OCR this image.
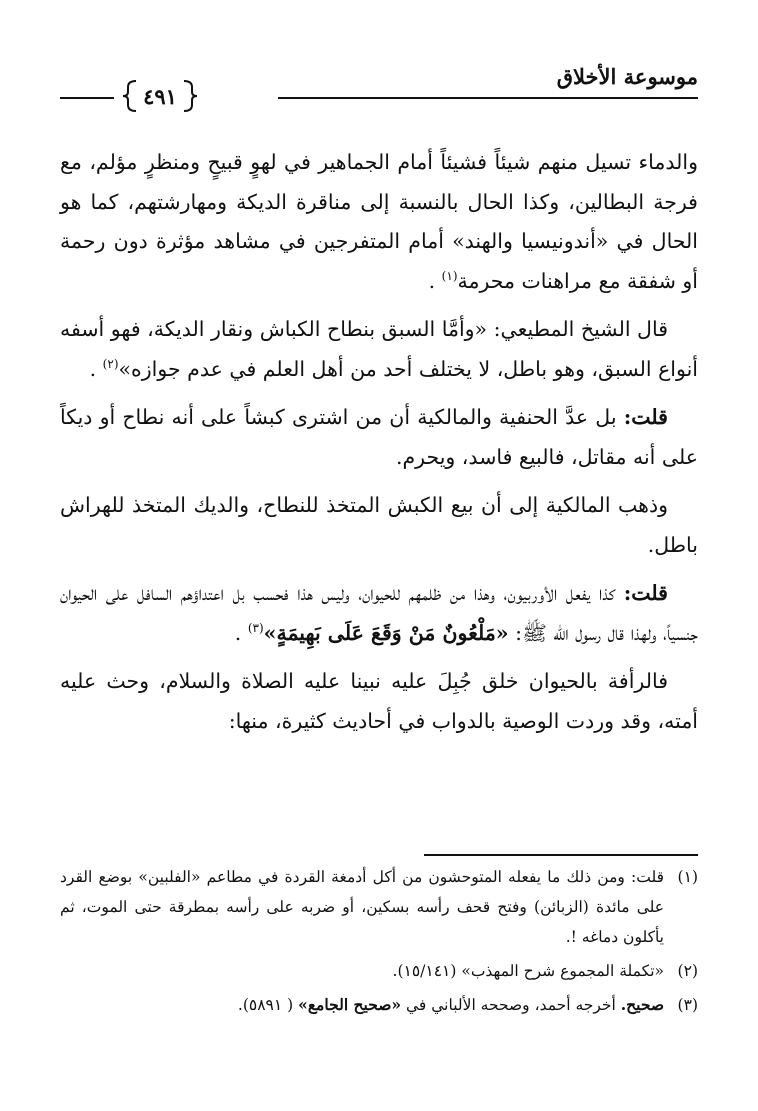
موسوعة الأخلاق
٤٩١

والدماء تسيل منهم شيئاً فشيئاً أمام الجماهير في لهوٍ قبيحٍ ومنظرٍ مؤلم، مع فرجة البطالين، وكذا الحال بالنسبة إلى مناقرة الديكة ومهارشتهم، كما هو الحال في «أندونيسيا والهند» أمام المتفرجين في مشاهد مؤثرة دون رحمة أو شفقة مع مراهنات محرمة$^{(١)}$ .

قال الشيخ المطيعي: «وأمَّا السبق بنطاح الكباش ونقار الديكة، فهو أسفه أنواع السبق، وهو باطل، لا يختلف أحد من أهل العلم في عدم جوازه»$^{(٢)}$ .

قلت: بل عدَّ الحنفية والمالكية أن من اشترى كبشاً على أنه نطاح أو ديكاً على أنه مقاتل، فالبيع فاسد، ويحرم.

وذهب المالكية إلى أن بيع الكبش المتخذ للنطاح، والديك المتخذ للهراش باطل.

قلت: كذا يفعل الأوربيون، وهذا من ظلمهم للحيوان، وليس هذا فحسب بل اعتداؤهم السافل على الحيوان جنسياً، ولهذا قال رسول الله ﷺ: «مَلْعُونٌ مَنْ وَقَعَ عَلَى بَهِيمَةٍ»$^{(٣)}$ .

فالرأفة بالحيوان خلق جُبِلَ عليه نبينا عليه الصلاة والسلام، وحث عليه أمته، وقد وردت الوصية بالدواب في أحاديث كثيرة، منها:

(١)
قلت: ومن ذلك ما يفعله المتوحشون من أكل أدمغة القردة في مطاعم «الفلبين» بوضع القرد على مائدة (الزبائن) وفتح قحف رأسه بسكين، أو ضربه على رأسه بمطرقة حتى الموت، ثم يأكلون دماغه !.
(٢)
«تكملة المجموع شرح المهذب» (١٥/١٤١).
(٣)
صحيح. أخرجه أحمد، وصححه الألباني في «صحيح الجامع» ( ٥٨٩١).
